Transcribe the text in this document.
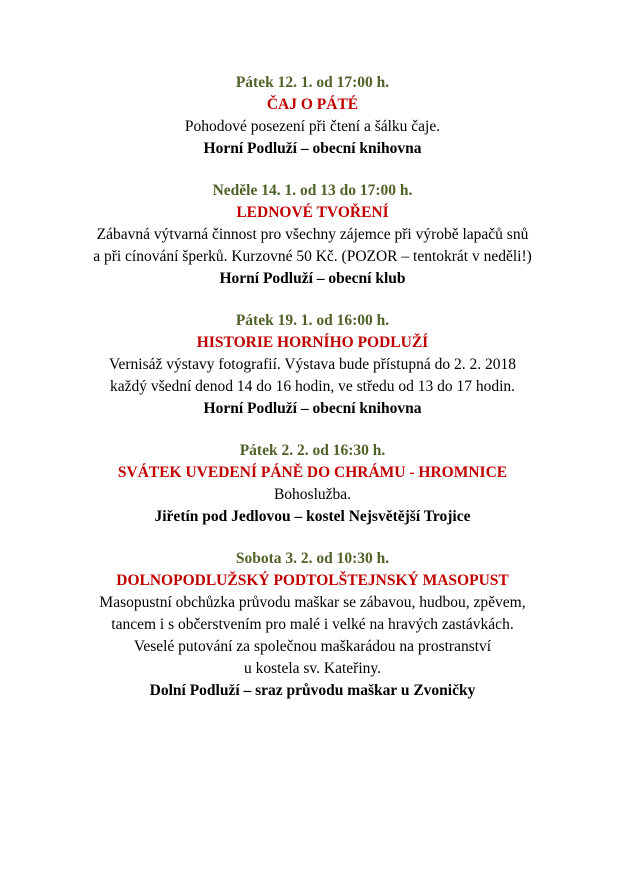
Pátek 12. 1. od 17:00 h.
ČAJ O PÁTÉ
Pohodové posezení při čtení a šálku čaje.
Horní Podluží – obecní knihovna
Neděle 14. 1. od 13 do 17:00 h.
LEDNOVÉ TVOŘENÍ
Zábavná výtvarná činnost pro všechny zájemce při výrobě lapačů snů
a při cínování šperků. Kurzovné 50 Kč. (POZOR – tentokrát v neděli!)
Horní Podluží – obecní klub
Pátek 19. 1. od 16:00 h.
HISTORIE HORNÍHO PODLUŽÍ
Vernisáž výstavy fotografií. Výstava bude přístupná do 2. 2. 2018
každý všední denod 14 do 16 hodin, ve středu od 13 do 17 hodin.
Horní Podluží – obecní knihovna
Pátek 2. 2. od 16:30 h.
SVÁTEK UVEDENÍ PÁNĚ DO CHRÁMU - HROMNICE
Bohoslužba.
Jiřetín pod Jedlovou – kostel Nejsvětější Trojice
Sobota 3. 2. od 10:30 h.
DOLNOPODLUŽSKÝ PODTOLŠTEJNSKÝ MASOPUST
Masopustní obchůzka průvodu maškar se zábavou, hudbou, zpěvem,
tancem i s občerstvením pro malé i velké na hravých zastávkách.
Veselé putování za společnou maškarádou na prostranství
u kostela sv. Kateřiny.
Dolní Podluží – sraz průvodu maškar u Zvoničky
